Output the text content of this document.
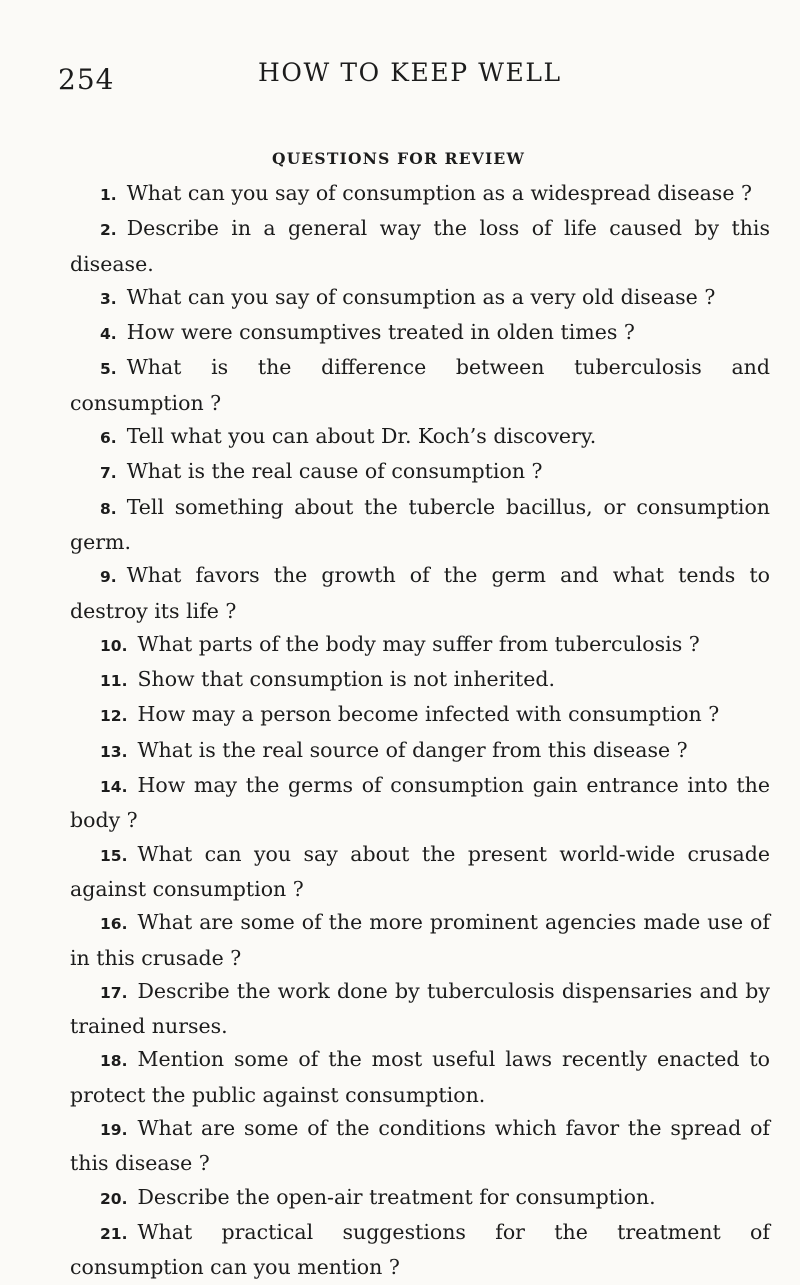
254	HOW TO KEEP WELL
QUESTIONS FOR REVIEW
1. What can you say of consumption as a widespread disease ?
2. Describe in a general way the loss of life caused by this disease.
3. What can you say of consumption as a very old disease ?
4. How were consumptives treated in olden times ?
5. What is the difference between tuberculosis and consumption ?
6. Tell what you can about Dr. Koch’s discovery.
7. What is the real cause of consumption ?
8. Tell something about the tubercle bacillus, or consumption germ.
9. What favors the growth of the germ and what tends to destroy its life ?
10. What parts of the body may suffer from tuberculosis ?
11. Show that consumption is not inherited.
12. How may a person become infected with consumption ?
13. What is the real source of danger from this disease ?
14. How may the germs of consumption gain entrance into the body ?
15. What can you say about the present world-wide crusade against consumption ?
16. What are some of the more prominent agencies made use of in this crusade ?
17. Describe the work done by tuberculosis dispensaries and by trained nurses.
18. Mention some of the most useful laws recently enacted to protect the public against consumption.
19. What are some of the conditions which favor the spread of this disease ?
20. Describe the open-air treatment for consumption.
21. What practical suggestions for the treatment of consumption can you mention ?
